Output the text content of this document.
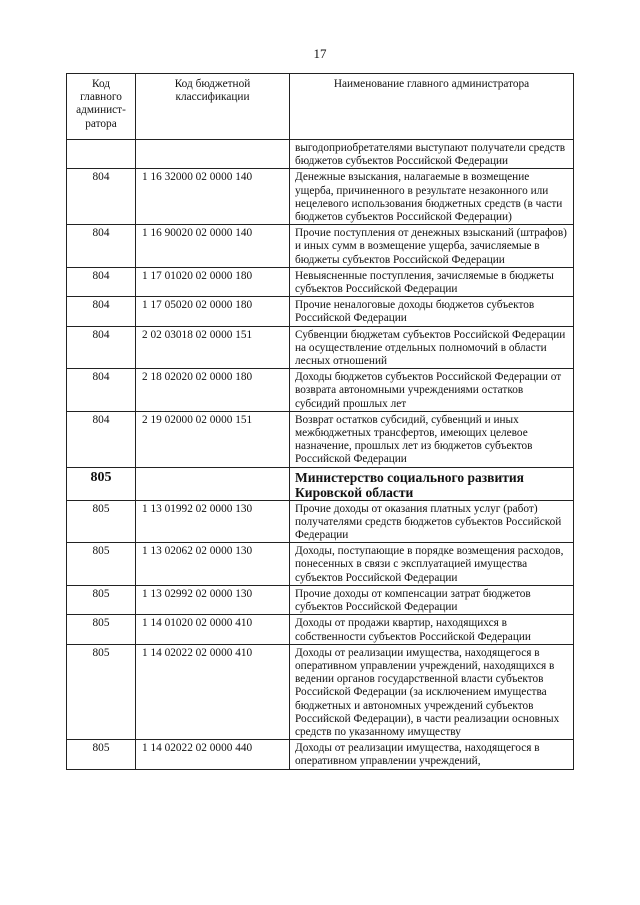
17
Код главного админист-ратора	Код бюджетной классификации	Наименование главного администратора
		выгодоприобретателями выступают получатели средств бюджетов субъектов Российской Федерации
804	1 16 32000 02 0000 140	Денежные взыскания, налагаемые в возмещение ущерба, причиненного в результате незаконного или нецелевого использования бюджетных средств (в части бюджетов субъектов Российской Федерации)
804	1 16 90020 02 0000 140	Прочие поступления от денежных взысканий (штрафов) и иных сумм в возмещение ущерба, зачисляемые в бюджеты субъектов Российской Федерации
804	1 17 01020 02 0000 180	Невыясненные поступления, зачисляемые в бюджеты субъектов Российской Федерации
804	1 17 05020 02 0000 180	Прочие неналоговые доходы бюджетов субъектов Российской Федерации
804	2 02 03018 02 0000 151	Субвенции бюджетам субъектов Российской Федерации на осуществление отдельных полномочий в области лесных отношений
804	2 18 02020 02 0000 180	Доходы бюджетов субъектов Российской Федерации от возврата автономными учреждениями остатков субсидий прошлых лет
804	2 19 02000 02 0000 151	Возврат остатков субсидий, субвенций и иных межбюджетных трансфертов, имеющих целевое назначение, прошлых лет из бюджетов субъектов Российской Федерации
805		Министерство социального развития Кировской области
805	1 13 01992 02 0000 130	Прочие доходы от оказания платных услуг (работ) получателями средств бюджетов субъектов Российской Федерации
805	1 13 02062 02 0000 130	Доходы, поступающие в порядке возмещения расходов, понесенных в связи с эксплуатацией имущества субъектов Российской Федерации
805	1 13 02992 02 0000 130	Прочие доходы от компенсации затрат бюджетов субъектов Российской Федерации
805	1 14 01020 02 0000 410	Доходы от продажи квартир, находящихся в собственности субъектов Российской Федерации
805	1 14 02022 02 0000 410	Доходы от реализации имущества, находящегося в оперативном управлении учреждений, находящихся в ведении органов государственной власти субъектов Российской Федерации (за исключением имущества бюджетных и автономных учреждений субъектов Российской Федерации), в части реализации основных средств по указанному имуществу
805	1 14 02022 02 0000 440	Доходы от реализации имущества, находящегося в оперативном управлении учреждений,
